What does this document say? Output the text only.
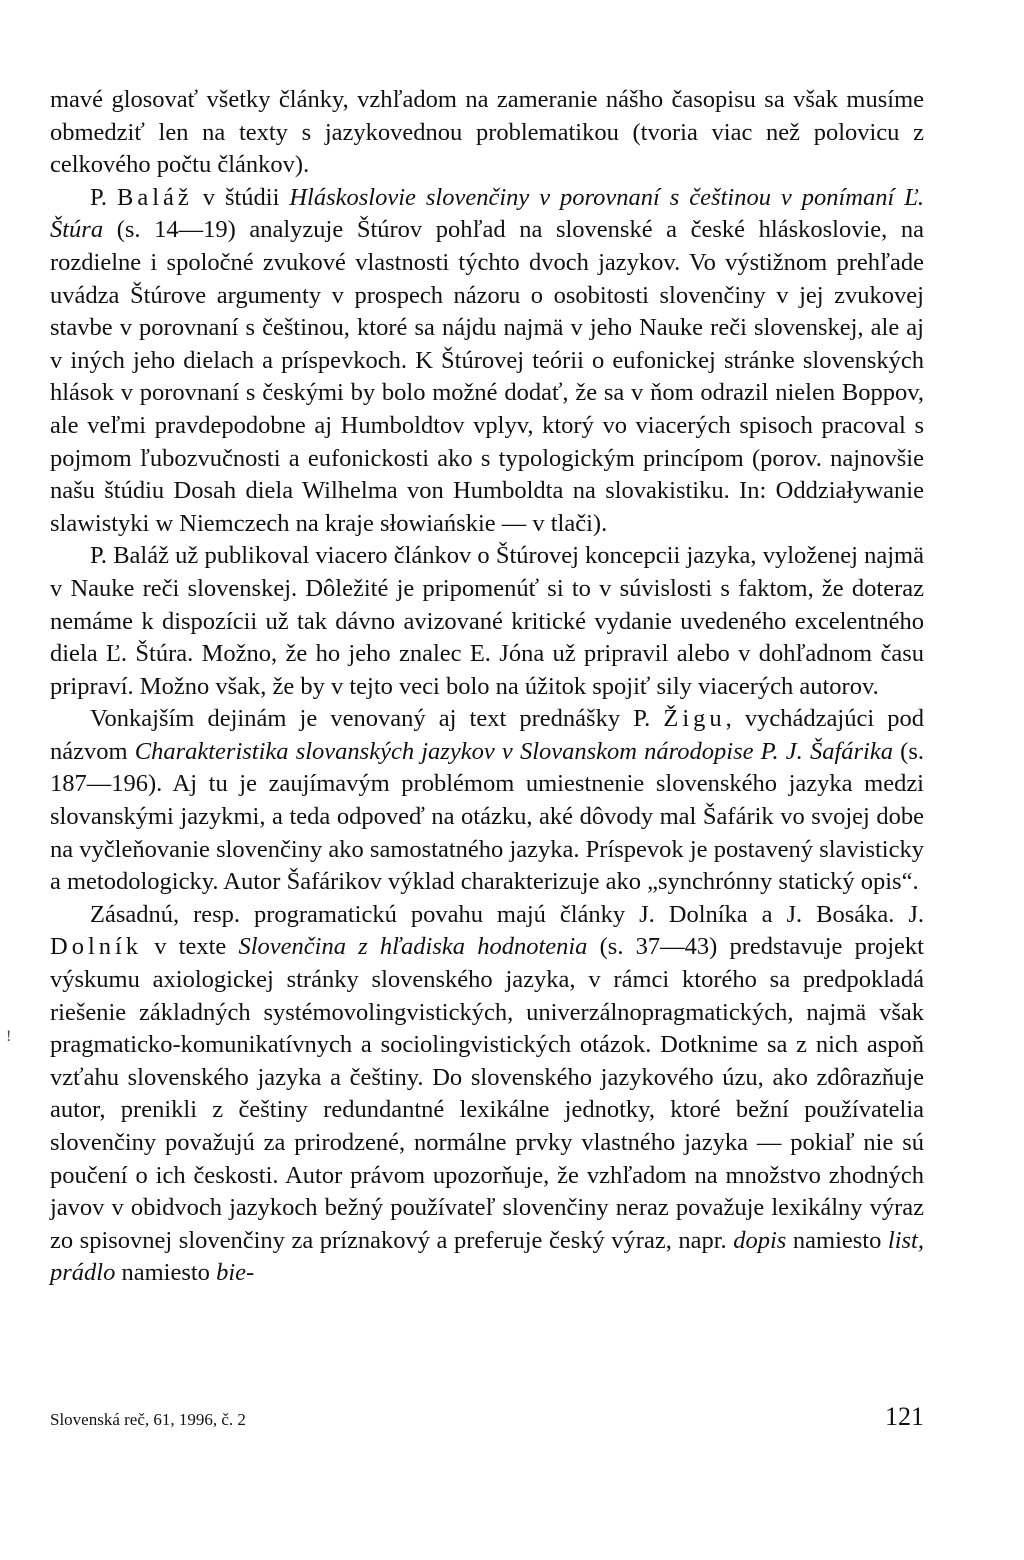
mavé glosovať všetky články, vzhľadom na zameranie nášho časopisu sa však musíme obmedziť len na texty s jazykovednou problematikou (tvoria viac než polovicu z celkového počtu článkov).

P. Baláž v štúdii Hláskoslovie slovenčiny v porovnaní s češtinou v ponímaní Ľ. Štúra (s. 14—19) analyzuje Štúrov pohľad na slovenské a české hláskoslovie, na rozdielne i spoločné zvukové vlastnosti týchto dvoch jazykov. Vo výstižnom prehľade uvádza Štúrove argumenty v prospech názoru o osobitosti slovenčiny v jej zvukovej stavbe v porovnaní s češtinou, ktoré sa nájdu najmä v jeho Nauke reči slovenskej, ale aj v iných jeho dielach a príspevkoch. K Štúrovej teórii o eufonickej stránke slovenských hlások v porovnaní s českými by bolo možné dodať, že sa v ňom odrazil nielen Boppov, ale veľmi pravdepodobne aj Humboldtov vplyv, ktorý vo viacerých spisoch pracoval s pojmom ľubozvučnosti a eufonickosti ako s typologickým princípom (porov. najnovšie našu štúdiu Dosah diela Wilhelma von Humboldta na slovakistiku. In: Oddziaływanie slawistyki w Niemczech na kraje słowiańskie — v tlači).

P. Baláž už publikoval viacero článkov o Štúrovej koncepcii jazyka, vyloženej najmä v Nauke reči slovenskej. Dôležité je pripomenúť si to v súvislosti s faktom, že doteraz nemáme k dispozícii už tak dávno avizované kritické vydanie uvedeného excelentného diela Ľ. Štúra. Možno, že ho jeho znalec E. Jóna už pripravil alebo v dohľadnom času pripraví. Možno však, že by v tejto veci bolo na úžitok spojiť sily viacerých autorov.

Vonkajším dejinám je venovaný aj text prednášky P. Žigu, vychádzajúci pod názvom Charakteristika slovanských jazykov v Slovanskom národopise P. J. Šafárika (s. 187—196). Aj tu je zaujímavým problémom umiestnenie slovenského jazyka medzi slovanskými jazykmi, a teda odpoveď na otázku, aké dôvody mal Šafárik vo svojej dobe na vyčleňovanie slovenčiny ako samostatného jazyka. Príspevok je postavený slavisticky a metodologicky. Autor Šafárikov výklad charakterizuje ako „synchrónny statický opis“.

Zásadnú, resp. programatickú povahu majú články J. Dolníka a J. Bosáka. J. Dolník v texte Slovenčina z hľadiska hodnotenia (s. 37—43) predstavuje projekt výskumu axiologickej stránky slovenského jazyka, v rámci ktorého sa predpokladá riešenie základných systémovolingvistických, univerzálnopragmatických, najmä však pragmaticko-komunikatívnych a sociolingvistických otázok. Dotknime sa z nich aspoň vzťahu slovenského jazyka a češtiny. Do slovenského jazykového úzu, ako zdôrazňuje autor, prenikli z češtiny redundantné lexikálne jednotky, ktoré bežní používatelia slovenčiny považujú za prirodzené, normálne prvky vlastného jazyka — pokiaľ nie sú poučení o ich českosti. Autor právom upozorňuje, že vzhľadom na množstvo zhodných javov v obidvoch jazykoch bežný používateľ slovenčiny neraz považuje lexikálny výraz zo spisovnej slovenčiny za príznakový a preferuje český výraz, napr. dopis namiesto list, prádlo namiesto bie-

Slovenská reč, 61, 1996, č. 2	121
!
